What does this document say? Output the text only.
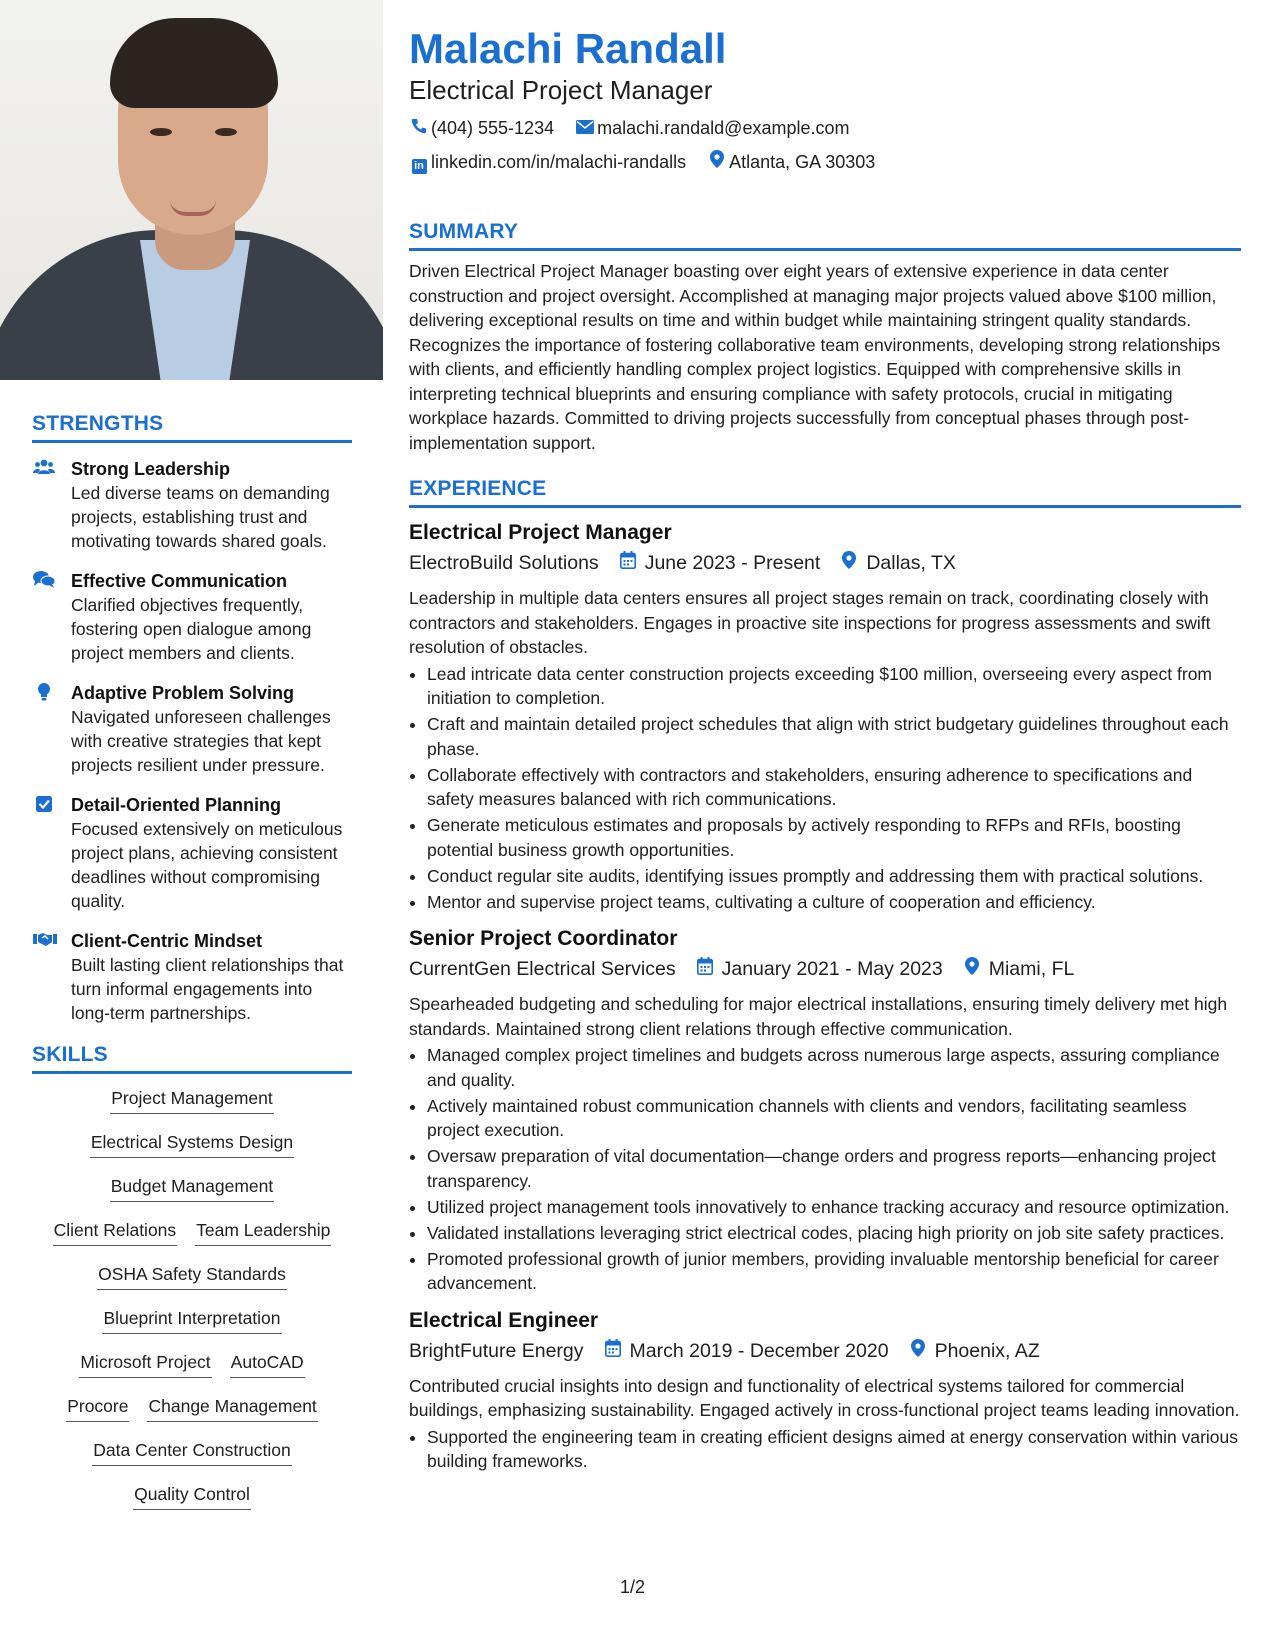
STRENGTHS
Strong Leadership
Led diverse teams on demanding projects, establishing trust and motivating towards shared goals.
Effective Communication
Clarified objectives frequently, fostering open dialogue among project members and clients.
Adaptive Problem Solving
Navigated unforeseen challenges with creative strategies that kept projects resilient under pressure.
Detail-Oriented Planning
Focused extensively on meticulous project plans, achieving consistent deadlines without compromising quality.
Client-Centric Mindset
Built lasting client relationships that turn informal engagements into long-term partnerships.
SKILLS
Project Management
Electrical Systems Design
Budget Management
Client Relations Team Leadership
OSHA Safety Standards
Blueprint Interpretation
Microsoft Project AutoCAD
Procore Change Management
Data Center Construction
Quality Control
Malachi Randall
Electrical Project Manager
(404) 555-1234 malachi.randald@example.com
in linkedin.com/in/malachi-randalls Atlanta, GA 30303
SUMMARY

Driven Electrical Project Manager boasting over eight years of extensive experience in data center construction and project oversight. Accomplished at managing major projects valued above $100 million, delivering exceptional results on time and within budget while maintaining stringent quality standards. Recognizes the importance of fostering collaborative team environments, developing strong relationships with clients, and efficiently handling complex project logistics. Equipped with comprehensive skills in interpreting technical blueprints and ensuring compliance with safety protocols, crucial in mitigating workplace hazards. Committed to driving projects successfully from conceptual phases through post-implementation support.

EXPERIENCE
Electrical Project Manager
ElectroBuild Solutions June 2023 - Present Dallas, TX

Leadership in multiple data centers ensures all project stages remain on track, coordinating closely with contractors and stakeholders. Engages in proactive site inspections for progress assessments and swift resolution of obstacles.

• Lead intricate data center construction projects exceeding $100 million, overseeing every aspect from initiation to completion.
• Craft and maintain detailed project schedules that align with strict budgetary guidelines throughout each phase.
• Collaborate effectively with contractors and stakeholders, ensuring adherence to specifications and safety measures balanced with rich communications.
• Generate meticulous estimates and proposals by actively responding to RFPs and RFIs, boosting potential business growth opportunities.
• Conduct regular site audits, identifying issues promptly and addressing them with practical solutions.
• Mentor and supervise project teams, cultivating a culture of cooperation and efficiency.
Senior Project Coordinator
CurrentGen Electrical Services January 2021 - May 2023 Miami, FL

Spearheaded budgeting and scheduling for major electrical installations, ensuring timely delivery met high standards. Maintained strong client relations through effective communication.

• Managed complex project timelines and budgets across numerous large aspects, assuring compliance and quality.
• Actively maintained robust communication channels with clients and vendors, facilitating seamless project execution.
• Oversaw preparation of vital documentation—change orders and progress reports—enhancing project transparency.
• Utilized project management tools innovatively to enhance tracking accuracy and resource optimization.
• Validated installations leveraging strict electrical codes, placing high priority on job site safety practices.
• Promoted professional growth of junior members, providing invaluable mentorship beneficial for career advancement.
Electrical Engineer
BrightFuture Energy March 2019 - December 2020 Phoenix, AZ

Contributed crucial insights into design and functionality of electrical systems tailored for commercial buildings, emphasizing sustainability. Engaged actively in cross-functional project teams leading innovation.

• Supported the engineering team in creating efficient designs aimed at energy conservation within various building frameworks.
1/2
